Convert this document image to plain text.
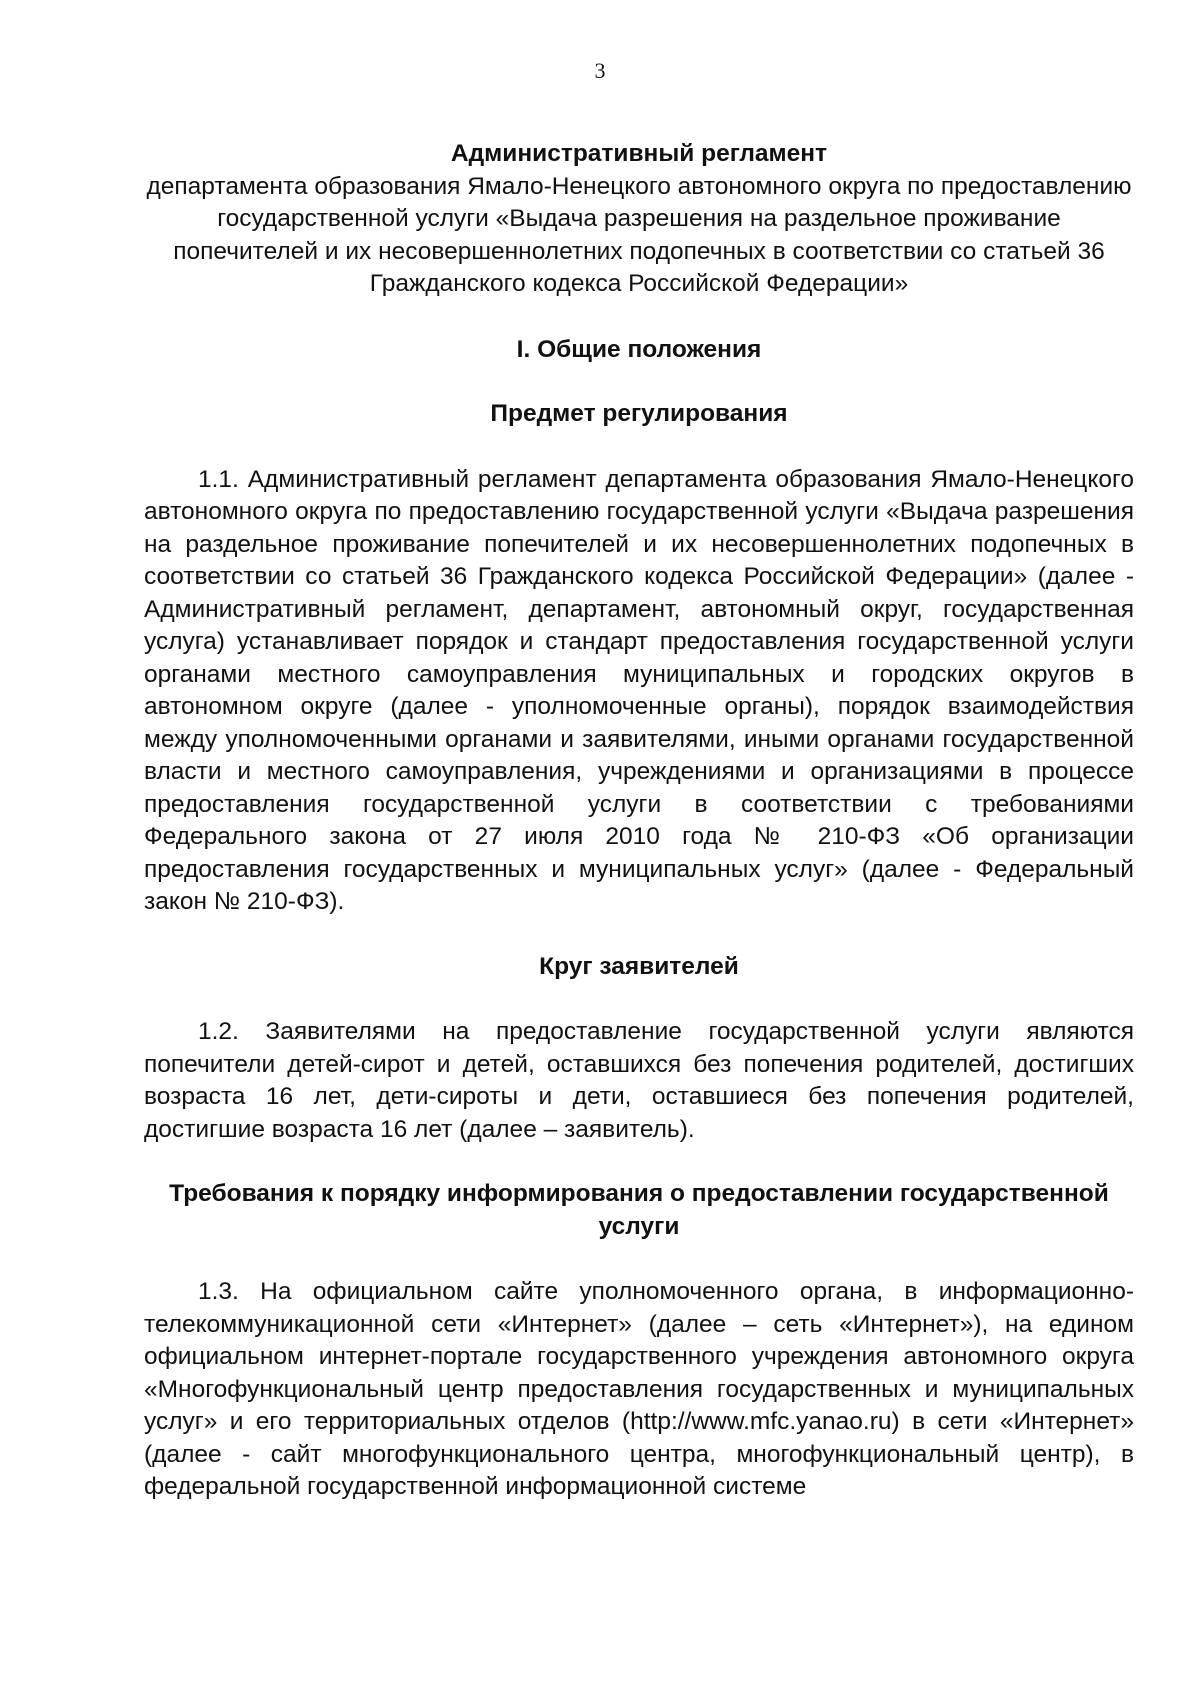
3

Административный регламент

департамента образования Ямало-Ненецкого автономного округа по предоставлению государственной услуги «Выдача разрешения на раздельное проживание попечителей и их несовершеннолетних подопечных в соответствии со статьей 36 Гражданского кодекса Российской Федерации»

I. Общие положения

Предмет регулирования

1.1. Административный регламент департамента образования Ямало-Ненецкого автономного округа по предоставлению государственной услуги «Выдача разрешения на раздельное проживание попечителей и их несовершеннолетних подопечных в соответствии со статьей 36 Гражданского кодекса Российской Федерации» (далее - Административный регламент, департамент, автономный округ, государственная услуга) устанавливает порядок и стандарт предоставления государственной услуги органами местного самоуправления муниципальных и городских округов в автономном округе (далее - уполномоченные органы), порядок взаимодействия между уполномоченными органами и заявителями, иными органами государственной власти и местного самоуправления, учреждениями и организациями в процессе предоставления государственной услуги в соответствии с требованиями Федерального закона от 27 июля 2010 года № 210-ФЗ «Об организации предоставления государственных и муниципальных услуг» (далее - Федеральный закон № 210-ФЗ).

Круг заявителей

1.2. Заявителями на предоставление государственной услуги являются попечители детей-сирот и детей, оставшихся без попечения родителей, достигших возраста 16 лет, дети-сироты и дети, оставшиеся без попечения родителей, достигшие возраста 16 лет (далее – заявитель).

Требования к порядку информирования о предоставлении государственной услуги

1.3. На официальном сайте уполномоченного органа, в информационно-телекоммуникационной сети «Интернет» (далее – сеть «Интернет»), на едином официальном интернет-портале государственного учреждения автономного округа «Многофункциональный центр предоставления государственных и муниципальных услуг» и его территориальных отделов (http://www.mfc.yanao.ru) в сети «Интернет» (далее - сайт многофункционального центра, многофункциональный центр), в федеральной государственной информационной системе
